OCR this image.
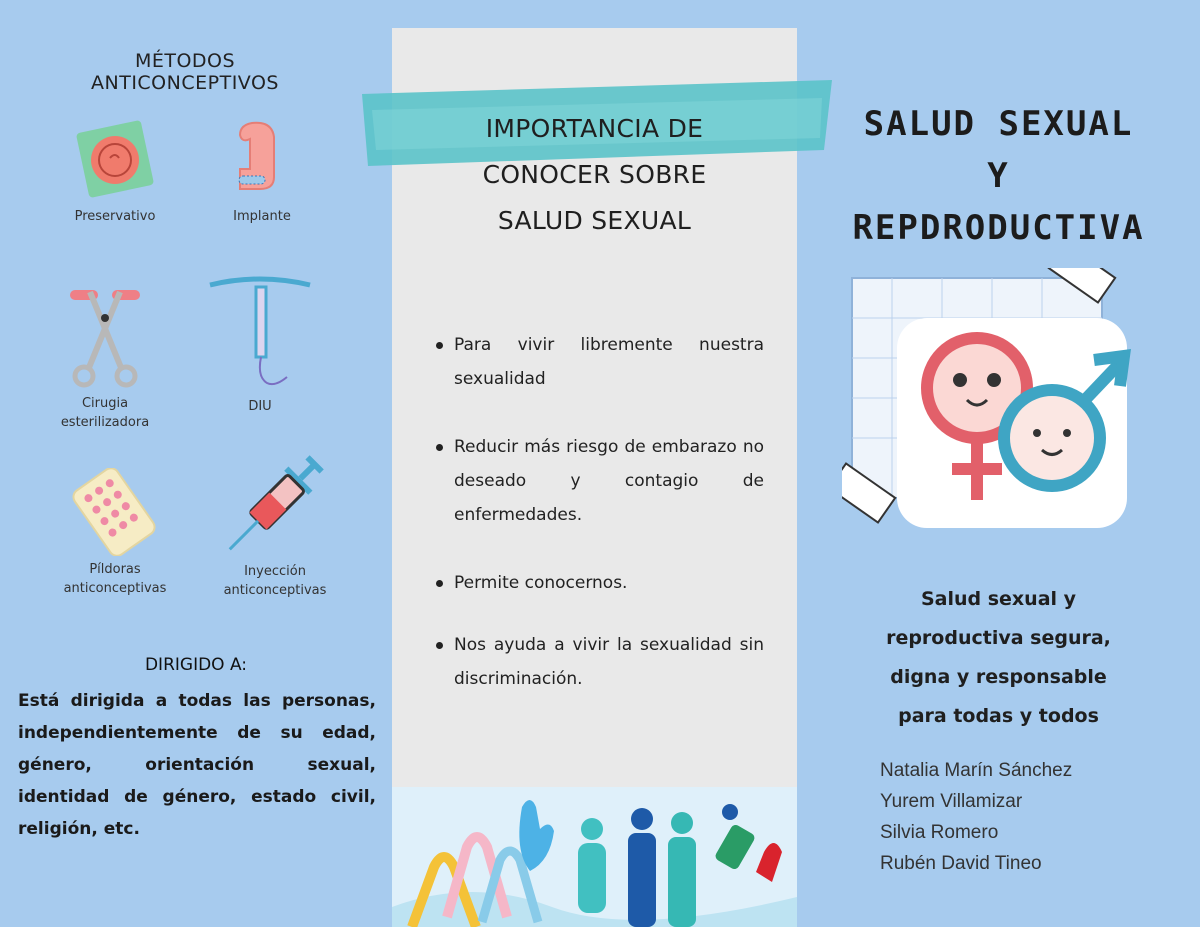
MÉTODOS
ANTICONCEPTIVOS
Preservativo	Implante
Cirugia
esterilizadora
DIU
Píldoras
anticonceptivas
Inyección
anticonceptivas
DIRIGIDO A:
Está dirigida a todas las personas, independientemente de su edad, género, orientación sexual, identidad de género, estado civil, religión, etc.
Para vivir libremente nuestra sexualidad
Reducir más riesgo de embarazo no deseado y contagio de enfermedades.
Permite conocernos.
Nos ayuda a vivir la sexualidad sin discriminación.
IMPORTANCIA DE
CONOCER SOBRE
SALUD SEXUAL
SALUD SEXUAL
Y
REPDRODUCTIVA
Salud sexual y
reproductiva segura,
digna y responsable
para todas y todos
Natalia Marín Sánchez
Yurem Villamizar
Silvia Romero
Rubén David Tineo
